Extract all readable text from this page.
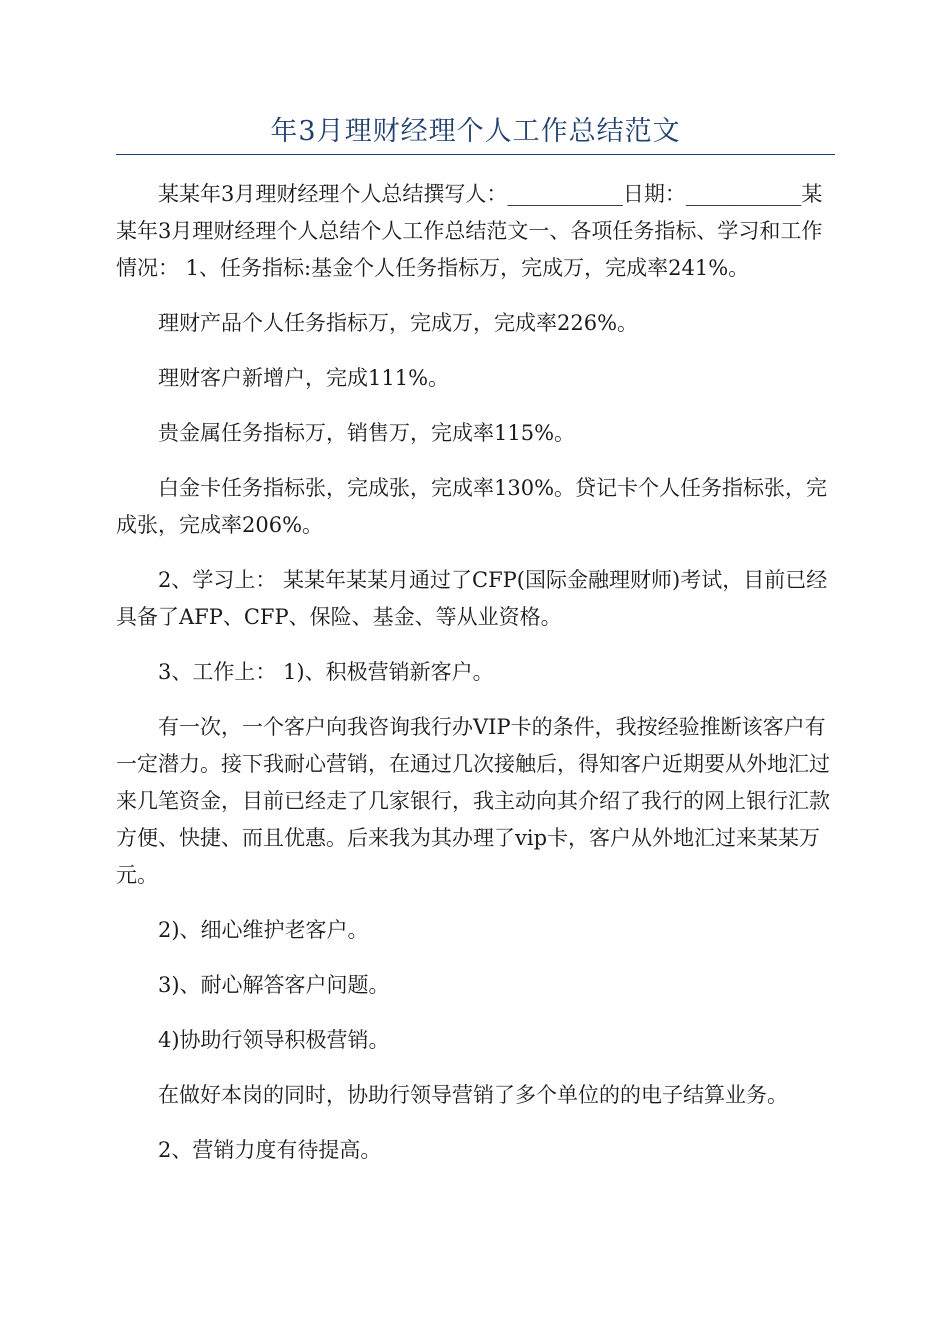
年3月理财经理个人工作总结范文

某某年3月理财经理个人总结撰写人：___________日期：___________某某年3月理财经理个人总结个人工作总结范文一、各项任务指标、学习和工作情况： 1、任务指标:基金个人任务指标万，完成万，完成率241%。

理财产品个人任务指标万，完成万，完成率226%。

理财客户新增户，完成111%。

贵金属任务指标万，销售万，完成率115%。

白金卡任务指标张，完成张，完成率130%。贷记卡个人任务指标张，完成张，完成率206%。

2、学习上： 某某年某某月通过了CFP(国际金融理财师)考试，目前已经具备了AFP、CFP、保险、基金、等从业资格。

3、工作上： 1)、积极营销新客户。

有一次，一个客户向我咨询我行办VIP卡的条件，我按经验推断该客户有一定潜力。接下我耐心营销，在通过几次接触后，得知客户近期要从外地汇过来几笔资金，目前已经走了几家银行，我主动向其介绍了我行的网上银行汇款方便、快捷、而且优惠。后来我为其办理了vip卡，客户从外地汇过来某某万元。

2)、细心维护老客户。

3)、耐心解答客户问题。

4)协助行领导积极营销。

在做好本岗的同时，协助行领导营销了多个单位的的电子结算业务。

2、营销力度有待提高。
